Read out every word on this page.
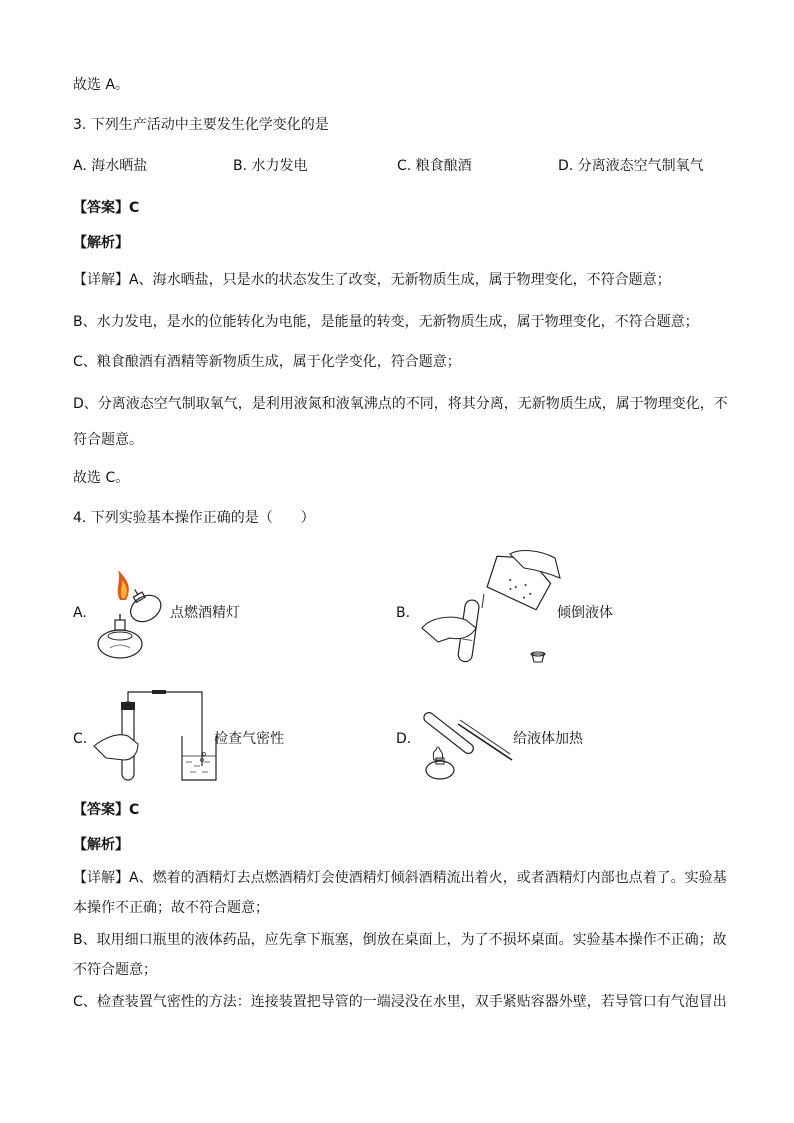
故选 A。
3. 下列生产活动中主要发生化学变化的是
A. 海水晒盐	B. 水力发电	C. 粮食酿酒	D. 分离液态空气制氧气
【答案】C
【解析】
【详解】A、海水晒盐，只是水的状态发生了改变，无新物质生成，属于物理变化，不符合题意；
B、水力发电，是水的位能转化为电能，是能量的转变，无新物质生成，属于物理变化，不符合题意；
C、粮食酿酒有酒精等新物质生成，属于化学变化，符合题意；
D、分离液态空气制取氧气，是利用液氮和液氧沸点的不同，将其分离，无新物质生成，属于物理变化，不
符合题意。
故选 C。
4. 下列实验基本操作正确的是（　　）
A.	点燃酒精灯	B.	倾倒液体
C.	检查气密性	D.	给液体加热
【答案】C
【解析】
【详解】A、燃着的酒精灯去点燃酒精灯会使酒精灯倾斜酒精流出着火，或者酒精灯内部也点着了。实验基
本操作不正确；故不符合题意；
B、取用细口瓶里的液体药品，应先拿下瓶塞，倒放在桌面上，为了不损坏桌面。实验基本操作不正确；故
不符合题意；
C、检查装置气密性的方法：连接装置把导管的一端浸没在水里，双手紧贴容器外壁，若导管口有气泡冒出
